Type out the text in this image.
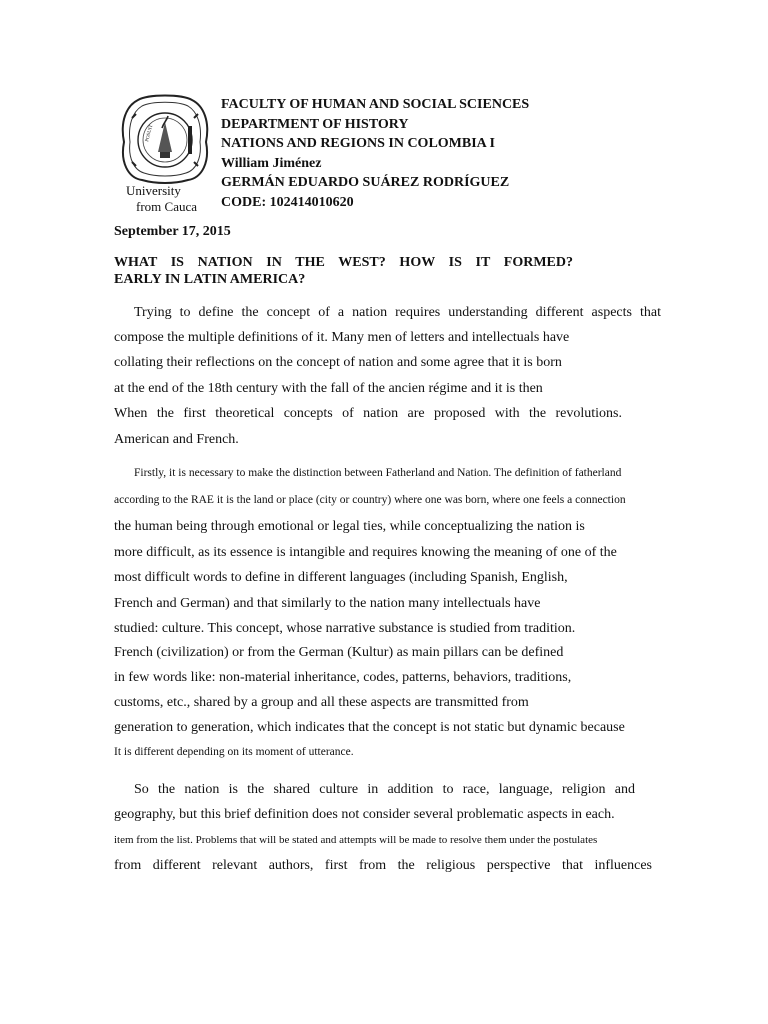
POSUIT
University
from Cauca
FACULTY OF HUMAN AND SOCIAL SCIENCES
DEPARTMENT OF HISTORY
NATIONS AND REGIONS IN COLOMBIA I
William Jiménez
GERMÁN EDUARDO SUÁREZ RODRÍGUEZ
CODE: 102414010620
September 17, 2015
WHAT IS NATION IN THE WEST? HOW IS IT FORMED?
EARLY IN LATIN AMERICA?
Trying to define the concept of a nation requires understanding different aspects that
compose the multiple definitions of it. Many men of letters and intellectuals have
collating their reflections on the concept of nation and some agree that it is born
at the end of the 18th century with the fall of the ancien régime and it is then
When the first theoretical concepts of nation are proposed with the revolutions.
American and French.
Firstly, it is necessary to make the distinction between Fatherland and Nation. The definition of fatherland
according to the RAE it is the land or place (city or country) where one was born, where one feels a connection
the human being through emotional or legal ties, while conceptualizing the nation is
more difficult, as its essence is intangible and requires knowing the meaning of one of the
most difficult words to define in different languages (including Spanish, English,
French and German) and that similarly to the nation many intellectuals have
studied: culture. This concept, whose narrative substance is studied from tradition.
French (civilization) or from the German (Kultur) as main pillars can be defined
in few words like: non-material inheritance, codes, patterns, behaviors, traditions,
customs, etc., shared by a group and all these aspects are transmitted from
generation to generation, which indicates that the concept is not static but dynamic because
It is different depending on its moment of utterance.
So the nation is the shared culture in addition to race, language, religion and
geography, but this brief definition does not consider several problematic aspects in each.
item from the list. Problems that will be stated and attempts will be made to resolve them under the postulates
from different relevant authors, first from the religious perspective that influences
